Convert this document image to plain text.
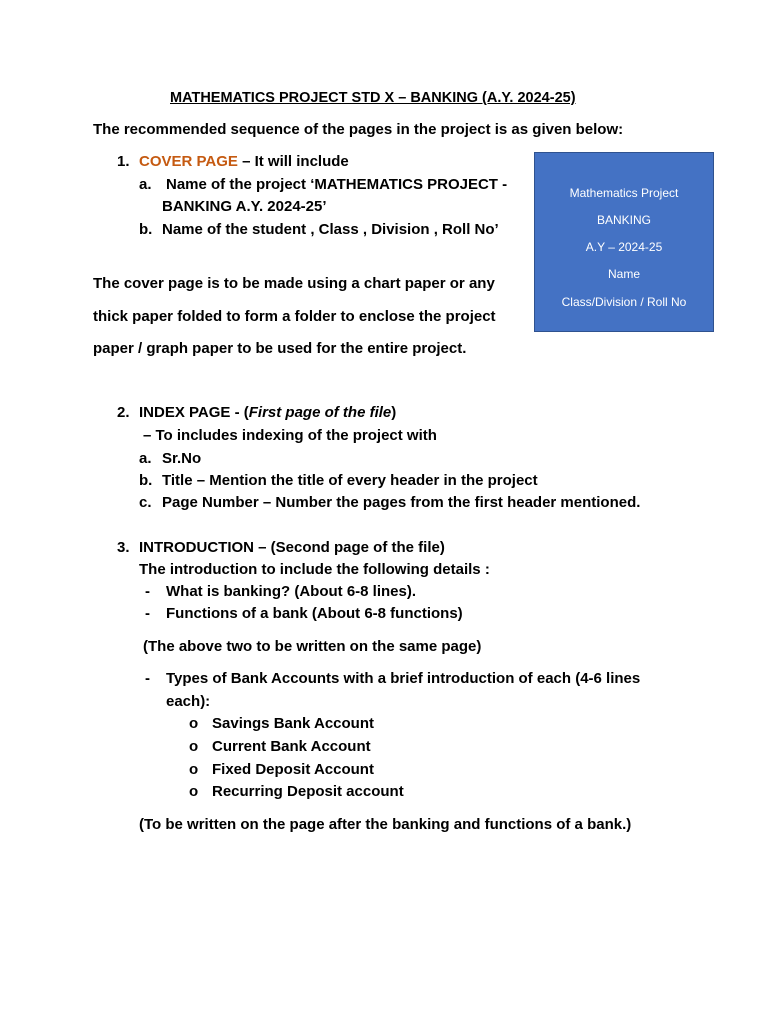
MATHEMATICS PROJECT STD X – BANKING (A.Y. 2024-25)
The recommended sequence of the pages in the project is as given below:
1. COVER PAGE – It will include
a. Name of the project ‘MATHEMATICS PROJECT -
BANKING A.Y. 2024-25’
b. Name of the student , Class , Division , Roll No’
The cover page is to be made using a chart paper or any
thick paper folded to form a folder to enclose the project
paper / graph paper to be used for the entire project.
Mathematics Project
BANKING
A.Y – 2024-25
Name
Class/Division / Roll No
2. INDEX PAGE - (First page of the file)
– To includes indexing of the project with
a. Sr.No
b. Title – Mention the title of every header in the project
c. Page Number – Number the pages from the first header mentioned.
3. INTRODUCTION – (Second page of the file)
The introduction to include the following details :
- What is banking? (About 6-8 lines).
- Functions of a bank (About 6-8 functions)
(The above two to be written on the same page)
- Types of Bank Accounts with a brief introduction of each (4-6 lines
each):
o Savings Bank Account
o Current Bank Account
o Fixed Deposit Account
o Recurring Deposit account
(To be written on the page after the banking and functions of a bank.)
